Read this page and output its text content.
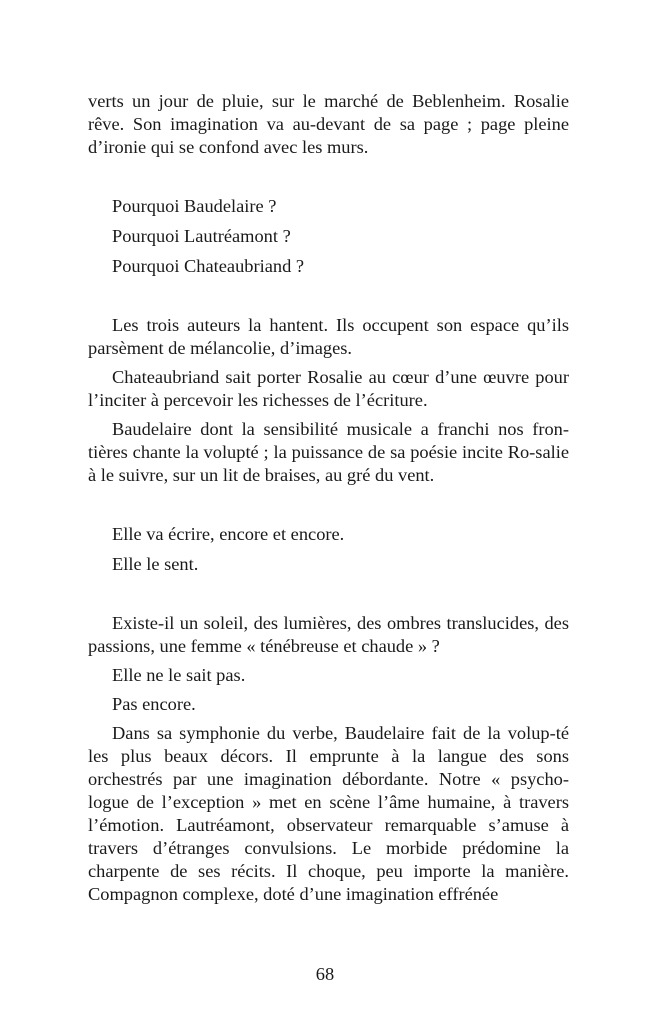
verts un jour de pluie, sur le marché de Beblenheim. Rosalie rêve. Son imagination va au-devant de sa page ; page pleine d’ironie qui se confond avec les murs.

Pourquoi Baudelaire ?

Pourquoi Lautréamont ?

Pourquoi Chateaubriand ?

Les trois auteurs la hantent. Ils occupent son espace qu’ils parsèment de mélancolie, d’images.

Chateaubriand sait porter Rosalie au cœur d’une œuvre pour l’inciter à percevoir les richesses de l’écriture.

Baudelaire dont la sensibilité musicale a franchi nos fron-tières chante la volupté ; la puissance de sa poésie incite Ro-salie à le suivre, sur un lit de braises, au gré du vent.

Elle va écrire, encore et encore.

Elle le sent.

Existe-il un soleil, des lumières, des ombres translucides, des passions, une femme « ténébreuse et chaude » ?

Elle ne le sait pas.

Pas encore.

Dans sa symphonie du verbe, Baudelaire fait de la volup-té les plus beaux décors. Il emprunte à la langue des sons orchestrés par une imagination débordante. Notre « psycho-logue de l’exception » met en scène l’âme humaine, à travers l’émotion. Lautréamont, observateur remarquable s’amuse à travers d’étranges convulsions. Le morbide prédomine la charpente de ses récits. Il choque, peu importe la manière. Compagnon complexe, doté d’une imagination effrénée

68
